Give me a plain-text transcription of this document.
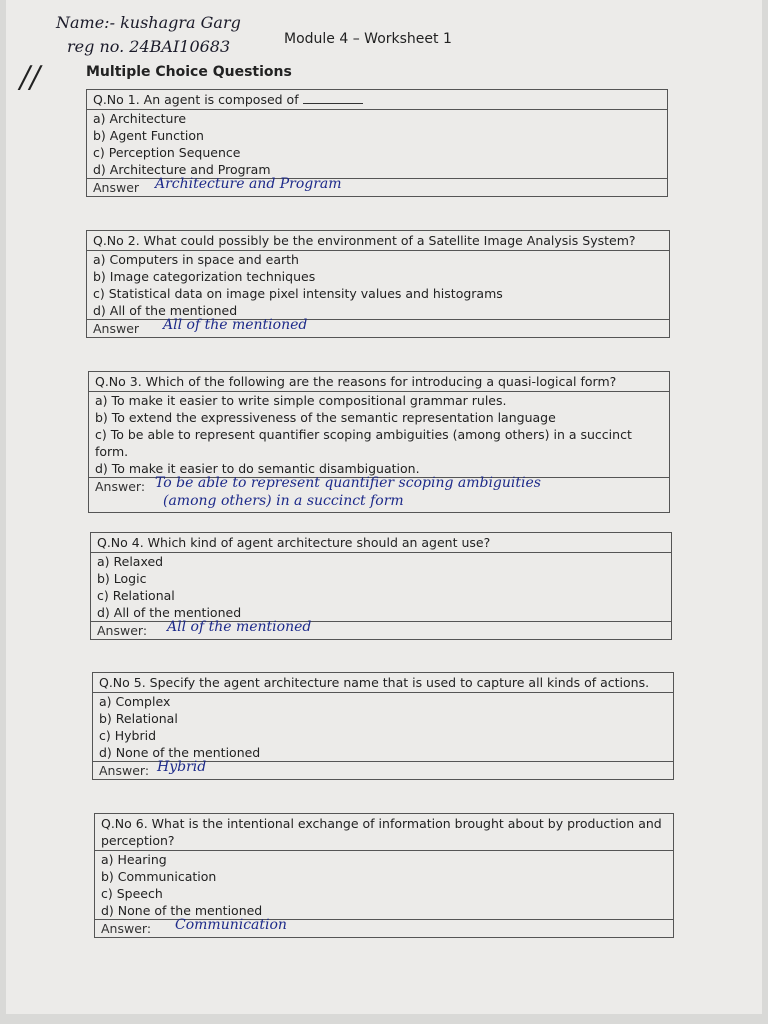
Name:- kushagra Garg
reg no. 24BAI10683	Module 4 – Worksheet 1
Multiple Choice Questions
//
Q.No 1. An agent is composed of
a) Architecture
b) Agent Function
c) Perception Sequence
d) Architecture and Program
Answer Architecture and Program
Q.No 2. What could possibly be the environment of a Satellite Image Analysis System?
a) Computers in space and earth
b) Image categorization techniques
c) Statistical data on image pixel intensity values and histograms
d) All of the mentioned
Answer All of the mentioned
Q.No 3. Which of the following are the reasons for introducing a quasi-logical form?
a) To make it easier to write simple compositional grammar rules.
b) To extend the expressiveness of the semantic representation language
c) To be able to represent quantifier scoping ambiguities (among others) in a succinct form.
d) To make it easier to do semantic disambiguation.
Answer: To be able to represent quantifier scoping ambiguities
(among others) in a succinct form
Q.No 4. Which kind of agent architecture should an agent use?
a) Relaxed
b) Logic
c) Relational
d) All of the mentioned
Answer: All of the mentioned
Q.No 5. Specify the agent architecture name that is used to capture all kinds of actions.
a) Complex
b) Relational
c) Hybrid
d) None of the mentioned
Answer: Hybrid
Q.No 6. What is the intentional exchange of information brought about by production and perception?
a) Hearing
b) Communication
c) Speech
d) None of the mentioned
Answer: Communication
